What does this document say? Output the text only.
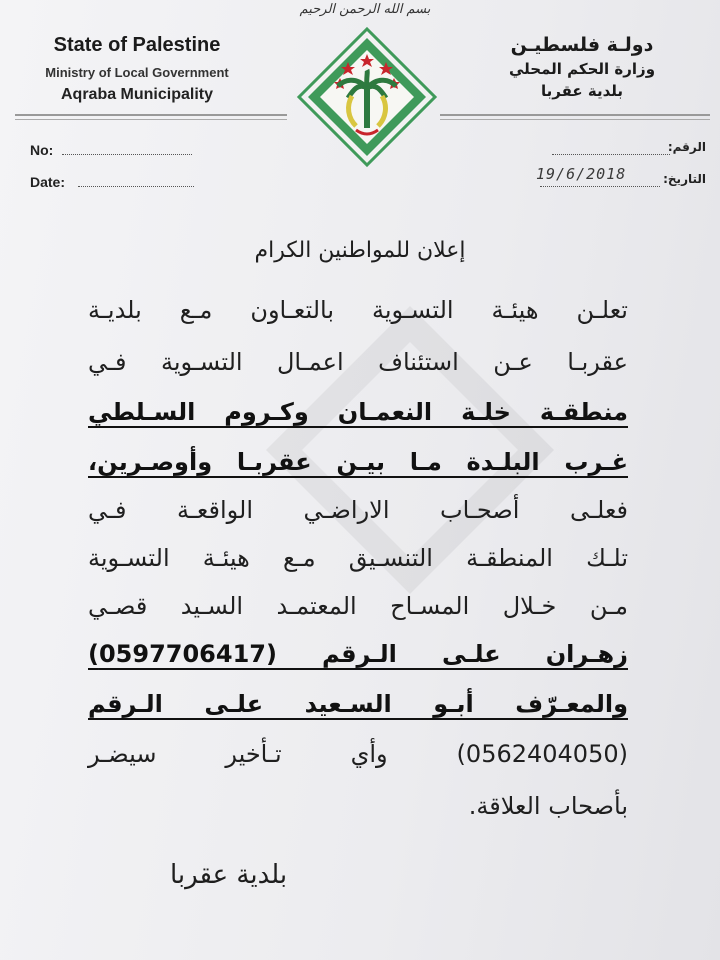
بسم الله الرحمن الرحيم
State of Palestine
Ministry of Local Government
Aqraba Municipality
دولـة فلسطيـن
وزارة الحكم المحلي
بلدية عقربا
No:
Date:
الرقم:
التاريخ:
19/6/2018
إعلان للمواطنين الكرام
تعلـن هيئـة التسـوية بالتعـاون مـع بلديـة
عقربـا عـن استئناف اعمـال التسـوية فـي
منطقـة خلـة النعمـان وكـروم السـلطي
غـرب البلـدة مـا بيـن عقربـا وأوصـرين،
فعلـى أصحـاب الاراضـي الواقعـة فـي
تلـك المنطقـة التنسـيق مـع هيئـة التسـوية
مـن خـلال المسـاح المعتمـد السـيد قصـي
زهـران علـى الـرقم (0597706417)
والمعـرّف أبـو السـعيد علـى الـرقم
(0562404050) وأي تـأخير سيضـر
بأصحاب العلاقة.
بلدية عقربا
